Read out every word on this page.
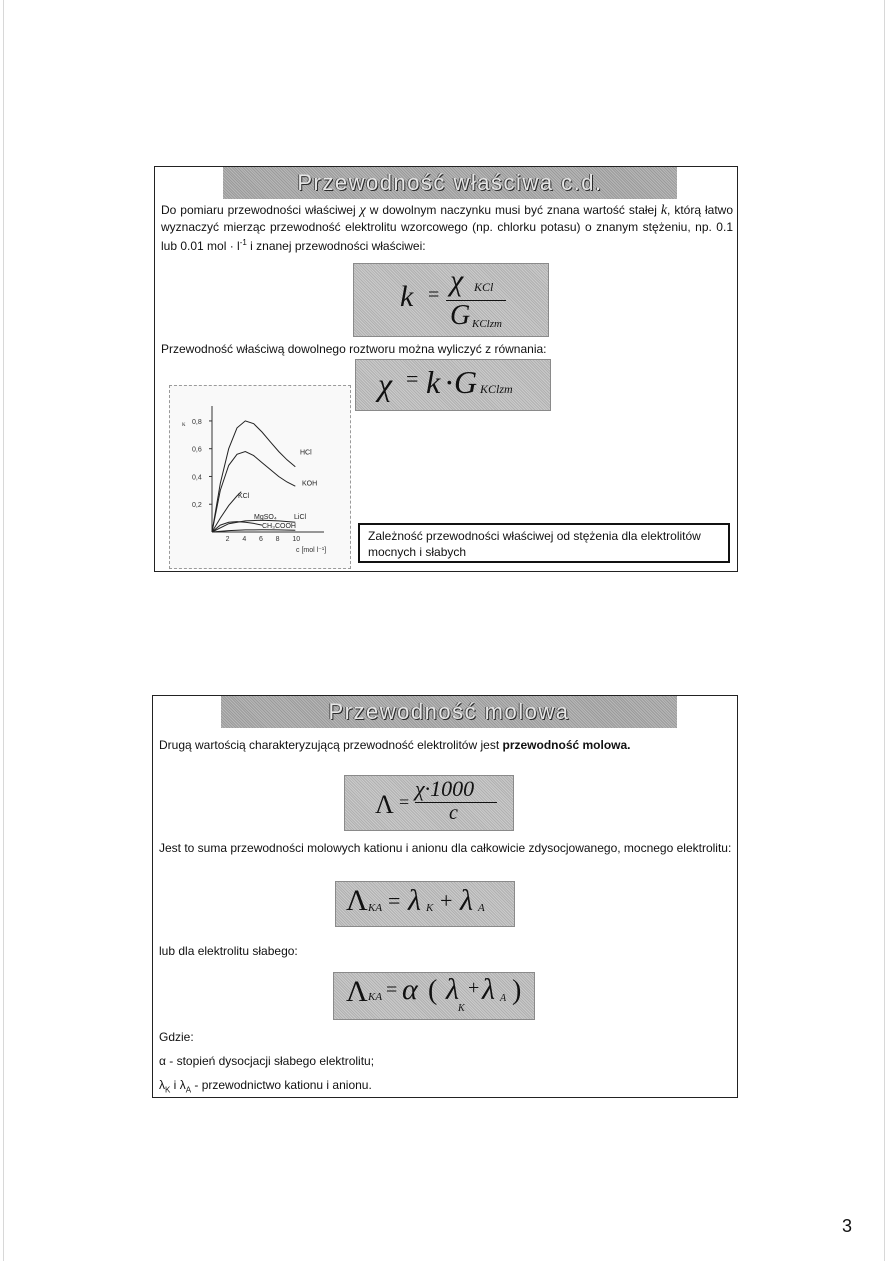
Przewodność właściwa c.d.
Do pomiaru przewodności właściwej χ w dowolnym naczynku musi być znana wartość stałej k, którą łatwo wyznaczyć mierząc przewodność elektrolitu wzorcowego (np. chlorku potasu) o znanym stężeniu, np. 0.1 lub 0.01 mol · $l^{-1}$ i znanej przewodności właściwei:
k = χ KCl
G KClzm
Przewodność właściwą dowolnego roztworu można wyliczyć z równania:
χ = k · G KClzm
0,8
0,6
0,4
0,2
2 4 6 8 10
κ
c [mol l⁻¹]
HCl
KOH
KCl
MgSO₄ LiCl
CH₃COOH
Zależność przewodności właściwej od stężenia dla elektrolitów mocnych i słabych
Przewodność molowa
Drugą wartością charakteryzującą przewodność elektrolitów jest przewodność molowa.
Λ =
χ·1000
c
Jest to suma przewodności molowych kationu i anionu dla całkowicie zdysocjowanego, mocnego elektrolitu:
Λ KA = λ K + λ A
lub dla elektrolitu słabego:
Λ KA = α ( λ
K
+ λ A )
Gdzie:
α - stopień dysocjacji słabego elektrolitu;
$\lambda_K$ i $\lambda_A$ - przewodnictwo kationu i anionu.
3
